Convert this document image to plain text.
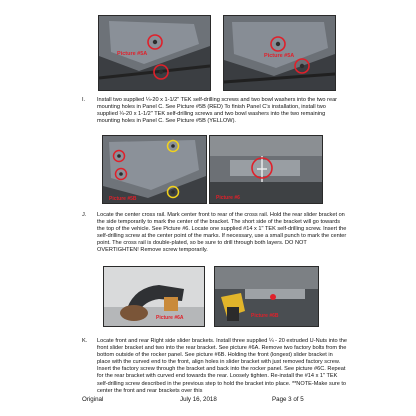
Picture #5A	Picture #5A
I.	Install two supplied ¼-20 x 1-1/2" TEK self-drilling screws and two bowl washers into the two rear mounting holes in Panel C. See Picture #5B (RED) To finish Panel C's installation, install two supplied ¼-20 x 1-1/2" TEK self-drilling screws and two bowl washers into the two remaining mounting holes in Panel C. See Picture #5B (YELLOW).
Picture #5B	Picture #6
J.	Locate the center cross rail. Mark center front to rear of the cross rail. Hold the rear slider bracket on the side temporarily to mark the center of the bracket. The short side of the bracket will go towards the top of the vehicle. See Picture #6. Locate one supplied #14 x 1" TEK self-drilling screw. Insert the self-drilling screw at the center point of the marks. If necessary, use a small punch to mark the center point. The cross rail is double-plated, so be sure to drill through both layers. DO NOT OVERTIGHTEN! Remove screw temporarily.
Picture #6A	Picture #6B
K.	Locate front and rear Right side slider brackets. Install three supplied ¼ - 20 extruded U-Nuts into the front slider bracket and two into the rear bracket. See picture #6A. Remove two factory bolts from the bottom outside of the rocker panel. See picture #6B. Holding the front (longest) slider bracket in place with the curved end to the front, align holes in slider bracket with just removed factory screw. Insert the factory screw through the bracket and back into the rocker panel. See picture #6C. Repeat for the rear bracket with curved end towards the rear. Loosely tighten. Re-install the #14 x 1" TEK self-drilling screw described in the previous step to hold the bracket into place. **NOTE-Make sure to center the front and rear brackets over this
Original	July 16, 2018	Page 3 of 5
